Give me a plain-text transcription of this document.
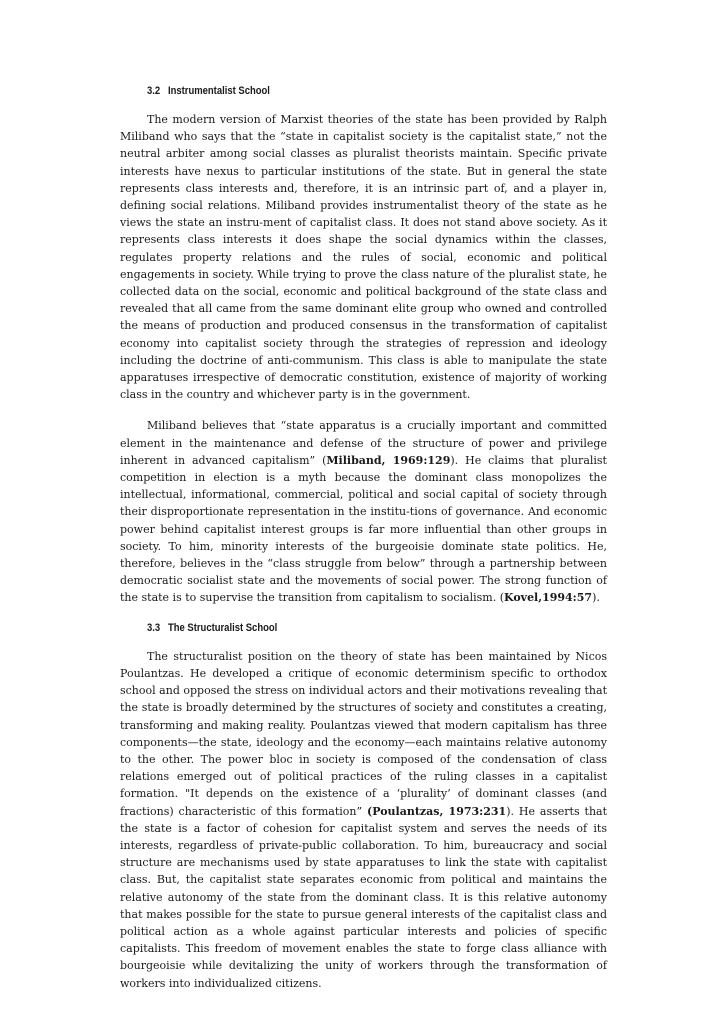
3.2 Instrumentalist School

The modern version of Marxist theories of the state has been provided by Ralph Miliband who says that the “state in capitalist society is the capitalist state,” not the neutral arbiter among social classes as pluralist theorists maintain. Specific private interests have nexus to particular institutions of the state. But in general the state represents class interests and, therefore, it is an intrinsic part of, and a player in, defining social relations. Miliband provides instrumentalist theory of the state as he views the state an instru-ment of capitalist class. It does not stand above society. As it represents class interests it does shape the social dynamics within the classes, regulates property relations and the rules of social, economic and political engagements in society. While trying to prove the class nature of the pluralist state, he collected data on the social, economic and political background of the state class and revealed that all came from the same dominant elite group who owned and controlled the means of production and produced consensus in the transformation of capitalist economy into capitalist society through the strategies of repression and ideology including the doctrine of anti-communism. This class is able to manipulate the state apparatuses irrespective of democratic constitution, existence of majority of working class in the country and whichever party is in the government.

Miliband believes that “state apparatus is a crucially important and committed element in the maintenance and defense of the structure of power and privilege inherent in advanced capitalism” (Miliband, 1969:129). He claims that pluralist competition in election is a myth because the dominant class monopolizes the intellectual, informational, commercial, political and social capital of society through their disproportionate representation in the institu-tions of governance. And economic power behind capitalist interest groups is far more influential than other groups in society. To him, minority interests of the burgeoisie dominate state politics. He, therefore, believes in the “class struggle from below” through a partnership between democratic socialist state and the movements of social power. The strong function of the state is to supervise the transition from capitalism to socialism. (Kovel,1994:57).

3.3 The Structuralist School

The structuralist position on the theory of state has been maintained by Nicos Poulantzas. He developed a critique of economic determinism specific to orthodox school and opposed the stress on individual actors and their motivations revealing that the state is broadly determined by the structures of society and constitutes a creating, transforming and making reality. Poulantzas viewed that modern capitalism has three components—the state, ideology and the economy—each maintains relative autonomy to the other. The power bloc in society is composed of the condensation of class relations emerged out of political practices of the ruling classes in a capitalist formation. "It depends on the existence of a ‘plurality’ of dominant classes (and fractions) characteristic of this formation” (Poulantzas, 1973:231). He asserts that the state is a factor of cohesion for capitalist system and serves the needs of its interests, regardless of private-public collaboration. To him, bureaucracy and social structure are mechanisms used by state apparatuses to link the state with capitalist class. But, the capitalist state separates economic from political and maintains the relative autonomy of the state from the dominant class. It is this relative autonomy that makes possible for the state to pursue general interests of the capitalist class and political action as a whole against particular interests and policies of specific capitalists. This freedom of movement enables the state to forge class alliance with bourgeoisie while devitalizing the unity of workers through the transformation of workers into individualized citizens.
